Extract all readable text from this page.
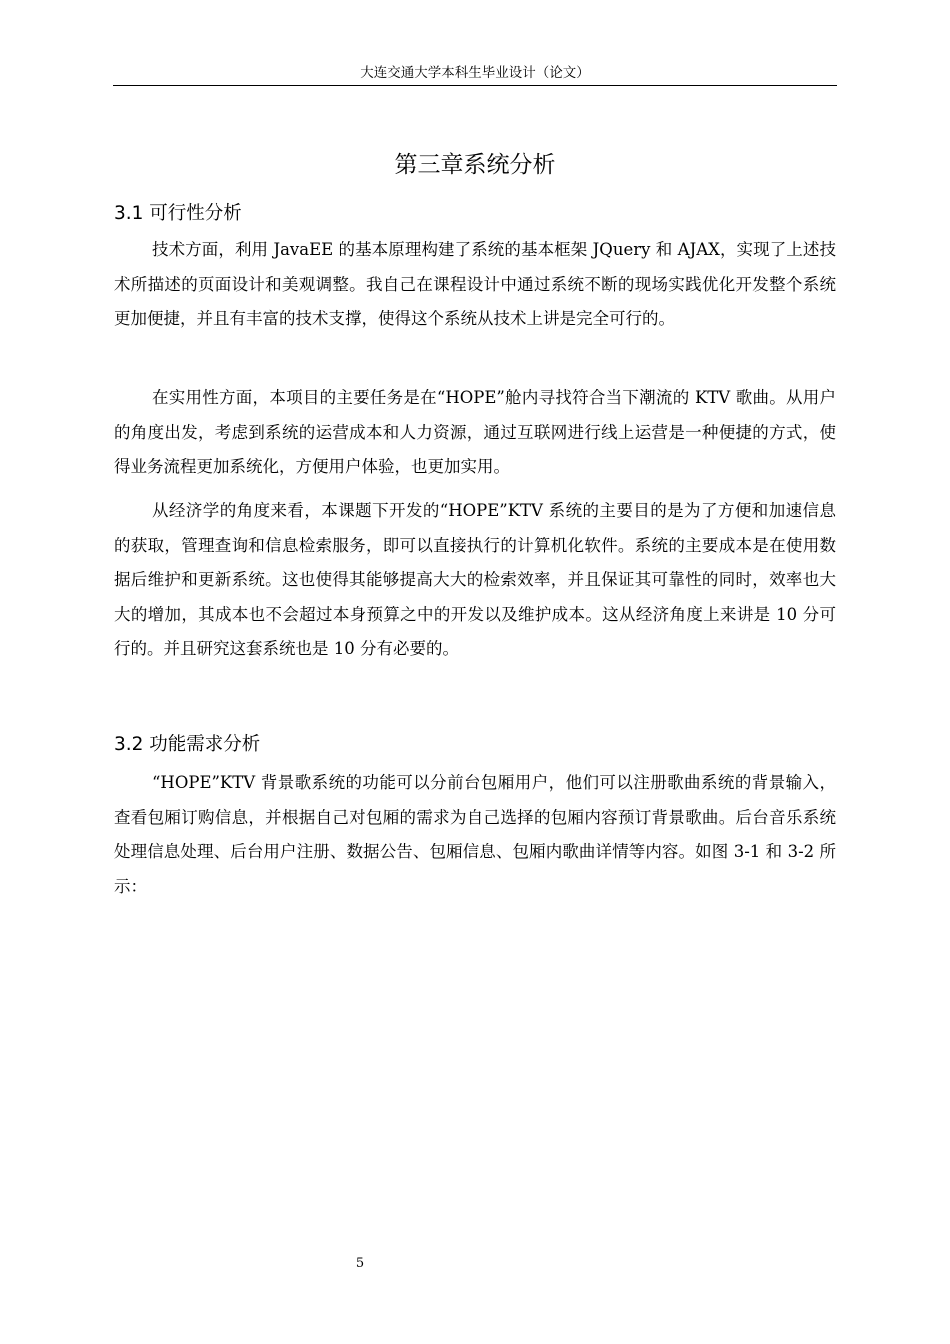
大连交通大学本科生毕业设计（论文）
第三章系统分析
3.1 可行性分析

技术方面，利用 JavaEE 的基本原理构建了系统的基本框架 JQuery 和 AJAX，实现了上述技术所描述的页面设计和美观调整。我自己在课程设计中通过系统不断的现场实践优化开发整个系统更加便捷，并且有丰富的技术支撑，使得这个系统从技术上讲是完全可行的。

在实用性方面，本项目的主要任务是在“HOPE”舱内寻找符合当下潮流的 KTV 歌曲。从用户的角度出发，考虑到系统的运营成本和人力资源，通过互联网进行线上运营是一种便捷的方式，使得业务流程更加系统化，方便用户体验，也更加实用。

从经济学的角度来看，本课题下开发的“HOPE”KTV 系统的主要目的是为了方便和加速信息的获取，管理查询和信息检索服务，即可以直接执行的计算机化软件。系统的主要成本是在使用数据后维护和更新系统。这也使得其能够提高大大的检索效率，并且保证其可靠性的同时，效率也大大的增加，其成本也不会超过本身预算之中的开发以及维护成本。这从经济角度上来讲是 10 分可行的。并且研究这套系统也是 10 分有必要的。

3.2 功能需求分析

“HOPE”KTV 背景歌系统的功能可以分前台包厢用户，他们可以注册歌曲系统的背景输入，查看包厢订购信息，并根据自己对包厢的需求为自己选择的包厢内容预订背景歌曲。后台音乐系统处理信息处理、后台用户注册、数据公告、包厢信息、包厢内歌曲详情等内容。如图 3-1 和 3-2 所示：

5
